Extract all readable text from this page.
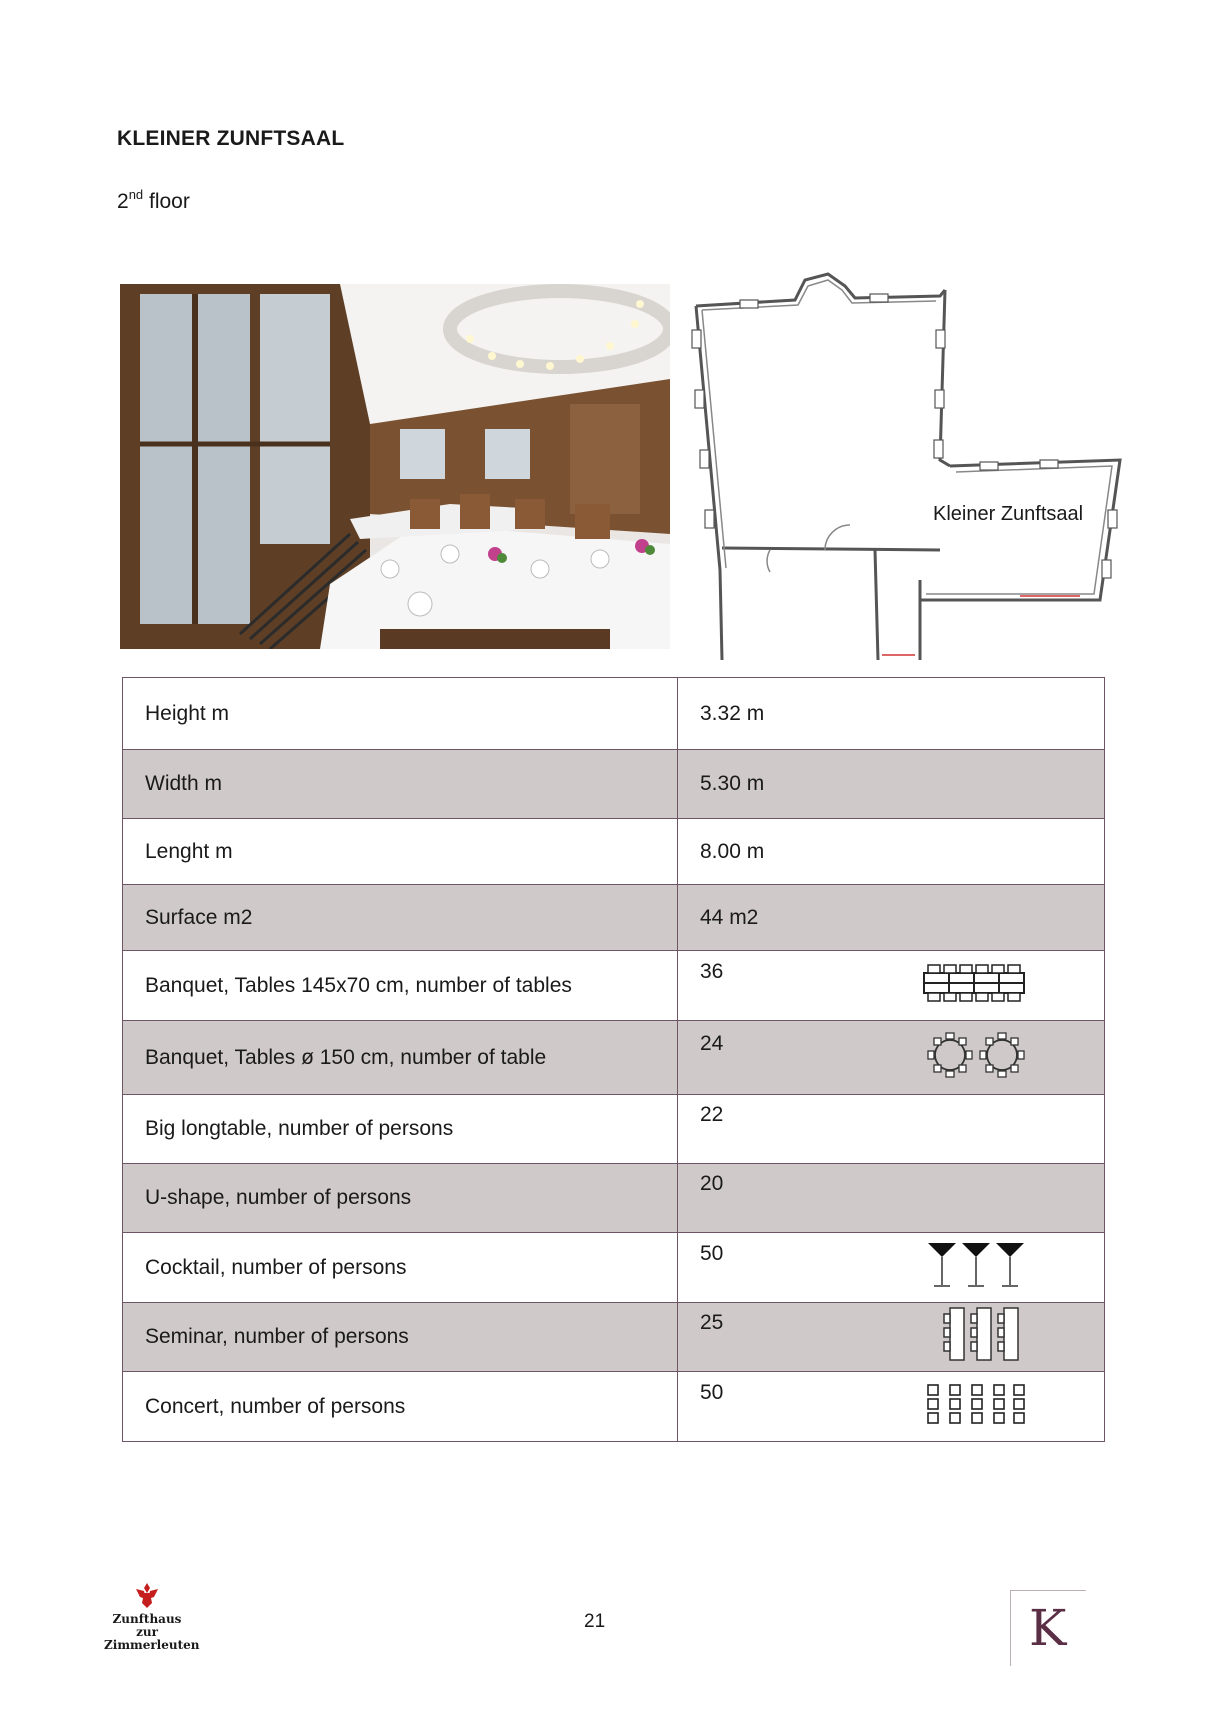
KLEINER ZUNFTSAAL
2nd floor
Kleiner Zunftsaal
Height m	3.32 m
Width m	5.30 m
Lenght m	8.00 m
Surface m2	44 m2
Banquet, Tables 145x70 cm, number of tables	36

Banquet, Tables ø 150 cm, number of table	24

Big longtable, number of persons	22

U-shape, number of persons	20

Cocktail, number of persons	50

Seminar, number of persons	25

Concert, number of persons	50
Zunfthaus
zur
Zimmerleuten
21	K
